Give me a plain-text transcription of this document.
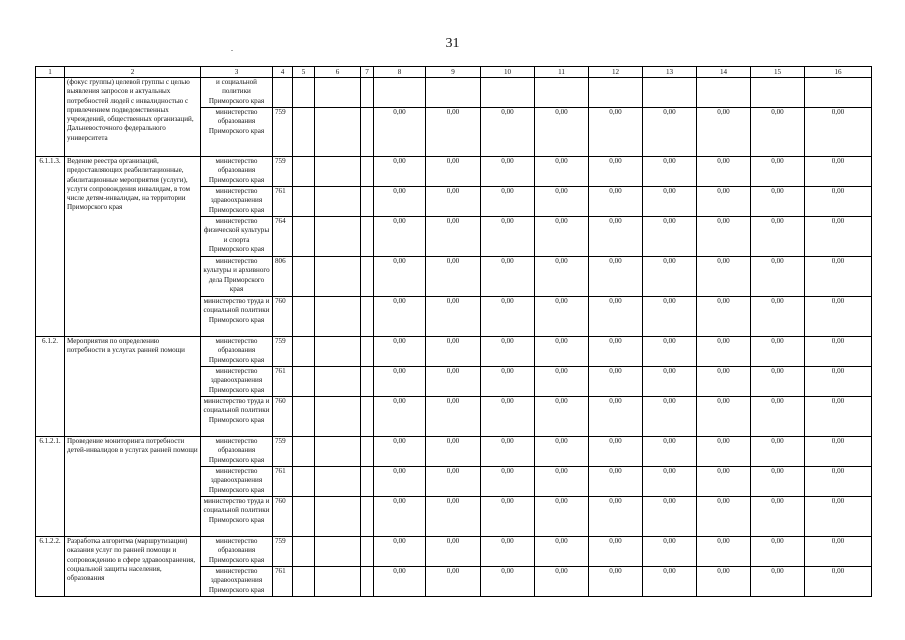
31
.
1	2	3	4	5	6	7	8	9	10	11	12	13	14	15	16
	(фокус группы) целевой группы с целью выявления запросов и актуальных потребностей людей с инвалидностью с привлечением подведомственных учреждений, общественных организаций, Дальневосточного федерального университета	и социальной политики Приморского края													
		министерство образования Приморского края	759				0,00	0,00	0,00	0,00	0,00	0,00	0,00	0,00	0,00
6.1.1.3.	Ведение реестра организаций, предоставляющих реабилитационные, абилитационные мероприятия (услуги), услуги сопровождения инвалидам, в том числе детям-инвалидам, на территории Приморского края	министерство образования Приморского края	759				0,00	0,00	0,00	0,00	0,00	0,00	0,00	0,00	0,00
		министерство здравоохранения Приморского края	761				0,00	0,00	0,00	0,00	0,00	0,00	0,00	0,00	0,00
		министерство физической культуры и спорта Приморского края	764				0,00	0,00	0,00	0,00	0,00	0,00	0,00	0,00	0,00
		министерство культуры и архивного дела Приморского края	806				0,00	0,00	0,00	0,00	0,00	0,00	0,00	0,00	0,00
		министерство труда и социальной политики Приморского края	760				0,00	0,00	0,00	0,00	0,00	0,00	0,00	0,00	0,00
6.1.2.	Мероприятия по определению потребности в услугах ранней помощи	министерство образования Приморского края	759				0,00	0,00	0,00	0,00	0,00	0,00	0,00	0,00	0,00
		министерство здравоохранения Приморского края	761				0,00	0,00	0,00	0,00	0,00	0,00	0,00	0,00	0,00
		министерство труда и социальной политики Приморского края	760				0,00	0,00	0,00	0,00	0,00	0,00	0,00	0,00	0,00
6.1.2.1.	Проведение мониторинга потребности детей-инвалидов в услугах ранней помощи	министерство образования Приморского края	759				0,00	0,00	0,00	0,00	0,00	0,00	0,00	0,00	0,00
		министерство здравоохранения Приморского края	761				0,00	0,00	0,00	0,00	0,00	0,00	0,00	0,00	0,00
		министерство труда и социальной политики Приморского края	760				0,00	0,00	0,00	0,00	0,00	0,00	0,00	0,00	0,00
6.1.2.2.	Разработка алгоритма (маршрутизации) оказания услуг по ранней помощи и сопровождению в сфере здравоохранения, социальной защиты населения, образования	министерство образования Приморского края	759				0,00	0,00	0,00	0,00	0,00	0,00	0,00	0,00	0,00
		министерство здравоохранения Приморского края	761				0,00	0,00	0,00	0,00	0,00	0,00	0,00	0,00	0,00
